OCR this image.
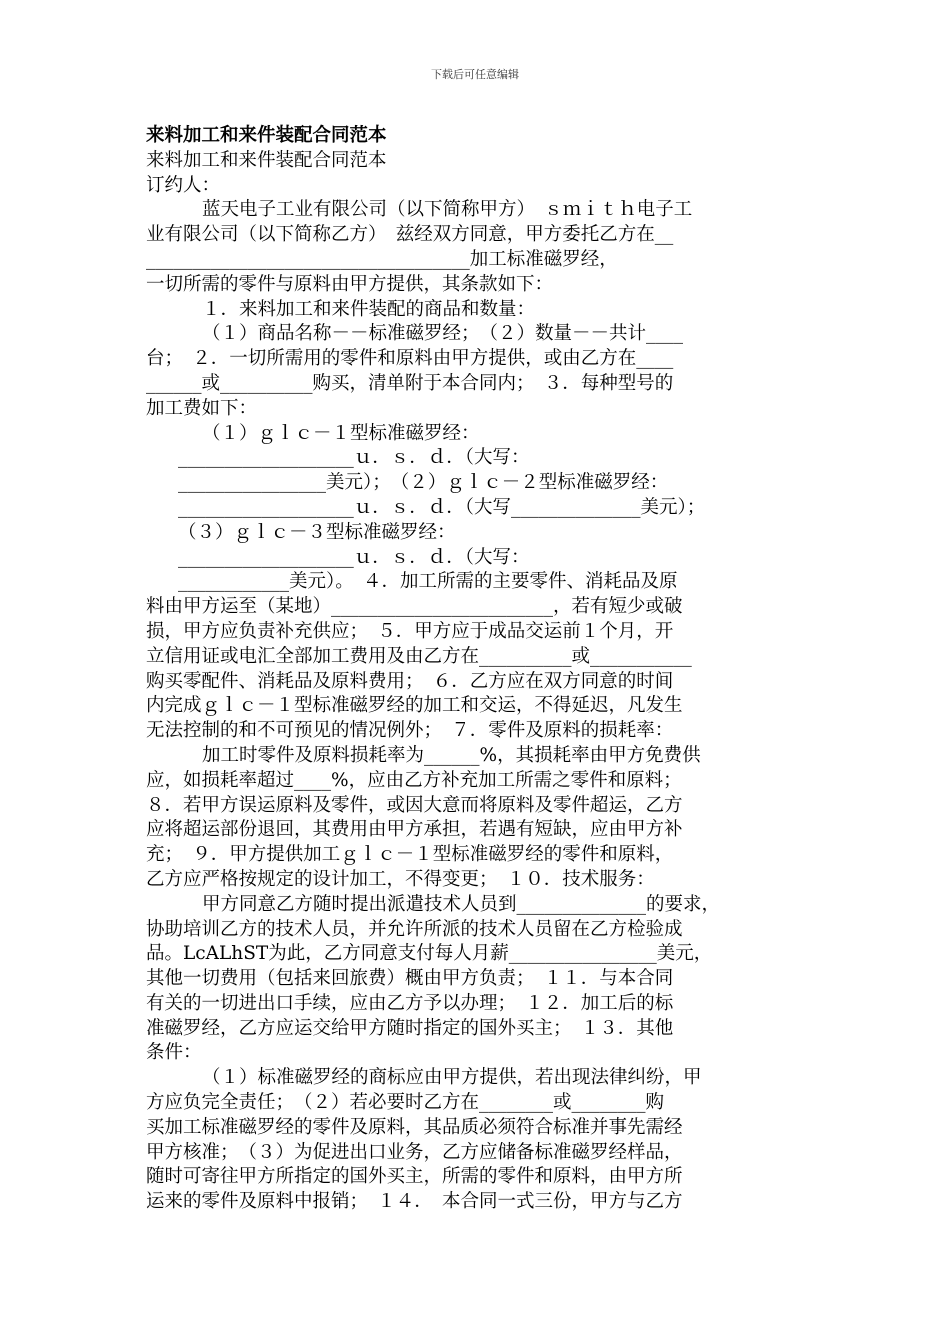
下载后可任意编辑
来料加工和来件装配合同范本
来料加工和来件装配合同范本
订约人：
蓝天电子工业有限公司（以下简称甲方）　ｓｍｉｔｈ电子工
业有限公司（以下简称乙方）　兹经双方同意，甲方委托乙方在__
___________________________________加工标准磁罗经，
一切所需的零件与原料由甲方提供，其条款如下：
１．来料加工和来件装配的商品和数量：
（１）商品名称－－标准磁罗经；　（２）数量－－共计____
台；　２．一切所需用的零件和原料由甲方提供，或由乙方在____
______或__________购买，清单附于本合同内；　３．每种型号的
加工费如下：
（１）ｇｌｃ－１型标准磁罗经：
___________________ｕ．ｓ．ｄ．（大写：
________________美元）；　（２）ｇｌｃ－２型标准磁罗经：
___________________ｕ．ｓ．ｄ．（大写______________美元）；
（３）ｇｌｃ－３型标准磁罗经：
___________________ｕ．ｓ．ｄ．（大写：
____________美元）。　４．加工所需的主要零件、消耗品及原
料由甲方运至（某地）________________________，若有短少或破
损，甲方应负责补充供应；　５．甲方应于成品交运前１个月，开
立信用证或电汇全部加工费用及由乙方在__________或___________
购买零配件、消耗品及原料费用；　６．乙方应在双方同意的时间
内完成ｇｌｃ－１型标准磁罗经的加工和交运，不得延迟，凡发生
无法控制的和不可预见的情况例外；　７．零件及原料的损耗率：
加工时零件及原料损耗率为______%，其损耗率由甲方免费供
应，如损耗率超过____%，应由乙方补充加工所需之零件和原料；
８．若甲方误运原料及零件，或因大意而将原料及零件超运，乙方
应将超运部份退回，其费用由甲方承担，若遇有短缺，应由甲方补
充；　９．甲方提供加工ｇｌｃ－１型标准磁罗经的零件和原料，
乙方应严格按规定的设计加工，不得变更；　１０．技术服务：
甲方同意乙方随时提出派遣技术人员到______________的要求，
协助培训乙方的技术人员，并允许所派的技术人员留在乙方检验成
品。LcALhST为此，乙方同意支付每人月薪________________美元，
其他一切费用（包括来回旅费）概由甲方负责；　１１．与本合同
有关的一切进出口手续，应由乙方予以办理；　１２．加工后的标
准磁罗经，乙方应运交给甲方随时指定的国外买主；　１３．其他
条件：
（１）标准磁罗经的商标应由甲方提供，若出现法律纠纷，甲
方应负完全责任；　（２）若必要时乙方在________或________购
买加工标准磁罗经的零件及原料，其品质必须符合标准并事先需经
甲方核准；　（３）为促进出口业务，乙方应储备标准磁罗经样品，
随时可寄往甲方所指定的国外买主，所需的零件和原料，由甲方所
运来的零件及原料中报销；　１４．　本合同一式三份，甲方与乙方
